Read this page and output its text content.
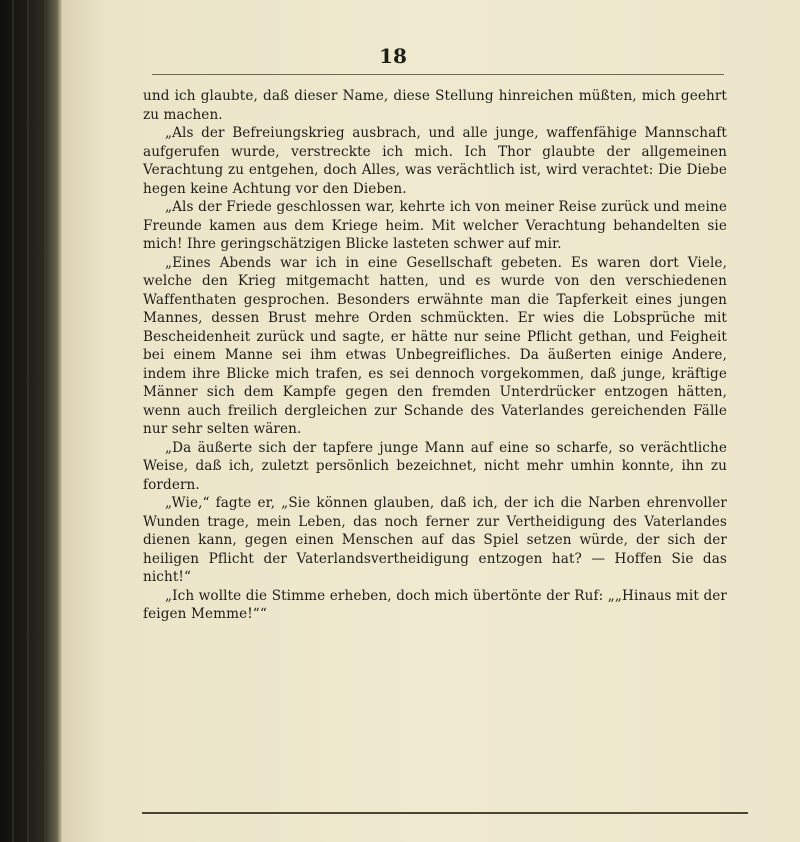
18

und ich glaubte, daß dieser Name, diese Stellung hinreichen müßten, mich geehrt zu machen.

„Als der Befreiungskrieg ausbrach, und alle junge, waffenfähige Mannschaft aufgerufen wurde, verstreckte ich mich. Ich Thor glaubte der allgemeinen Verachtung zu entgehen, doch Alles, was verächtlich ist, wird verachtet: Die Diebe hegen keine Achtung vor den Dieben.

„Als der Friede geschlossen war, kehrte ich von meiner Reise zurück und meine Freunde kamen aus dem Kriege heim. Mit welcher Verachtung behandelten sie mich! Ihre geringschätzigen Blicke lasteten schwer auf mir.

„Eines Abends war ich in eine Gesellschaft gebeten. Es waren dort Viele, welche den Krieg mitgemacht hatten, und es wurde von den verschiedenen Waffenthaten gesprochen. Besonders erwähnte man die Tapferkeit eines jungen Mannes, dessen Brust mehre Orden schmückten. Er wies die Lobsprüche mit Bescheidenheit zurück und sagte, er hätte nur seine Pflicht gethan, und Feigheit bei einem Manne sei ihm etwas Unbegreifliches. Da äußerten einige Andere, indem ihre Blicke mich trafen, es sei dennoch vorgekommen, daß junge, kräftige Männer sich dem Kampfe gegen den fremden Unterdrücker entzogen hätten, wenn auch freilich dergleichen zur Schande des Vaterlandes gereichenden Fälle nur sehr selten wären.

„Da äußerte sich der tapfere junge Mann auf eine so scharfe, so verächtliche Weise, daß ich, zuletzt persönlich bezeichnet, nicht mehr umhin konnte, ihn zu fordern.

„Wie,“ fagte er, „Sie können glauben, daß ich, der ich die Narben ehrenvoller Wunden trage, mein Leben, das noch ferner zur Vertheidigung des Vaterlandes dienen kann, gegen einen Menschen auf das Spiel setzen würde, der sich der heiligen Pflicht der Vaterlandsvertheidigung entzogen hat? — Hoffen Sie das nicht!“

„Ich wollte die Stimme erheben, doch mich übertönte der Ruf: „„Hinaus mit der feigen Memme!““
